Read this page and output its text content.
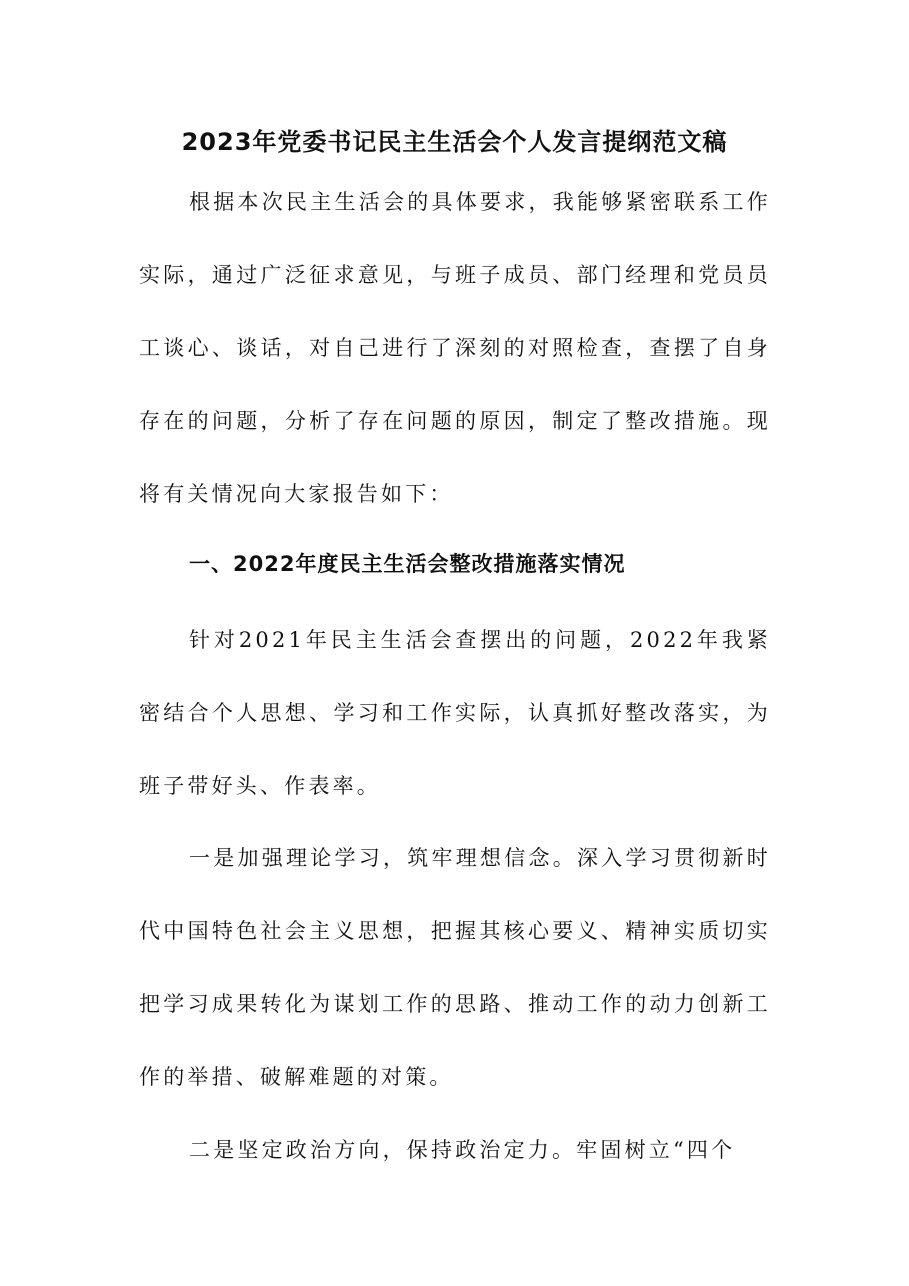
2023年党委书记民主生活会个人发言提纲范文稿

根据本次民主生活会的具体要求，我能够紧密联系工作实际，通过广泛征求意见，与班子成员、部门经理和党员员工谈心、谈话，对自己进行了深刻的对照检查，查摆了自身存在的问题，分析了存在问题的原因，制定了整改措施。现将有关情况向大家报告如下：

一、2022年度民主生活会整改措施落实情况

针对2021年民主生活会查摆出的问题，2022年我紧密结合个人思想、学习和工作实际，认真抓好整改落实，为班子带好头、作表率。

一是加强理论学习，筑牢理想信念。深入学习贯彻新时代中国特色社会主义思想，把握其核心要义、精神实质切实把学习成果转化为谋划工作的思路、推动工作的动力创新工作的举措、破解难题的对策。

二是坚定政治方向，保持政治定力。牢固树立“四个
